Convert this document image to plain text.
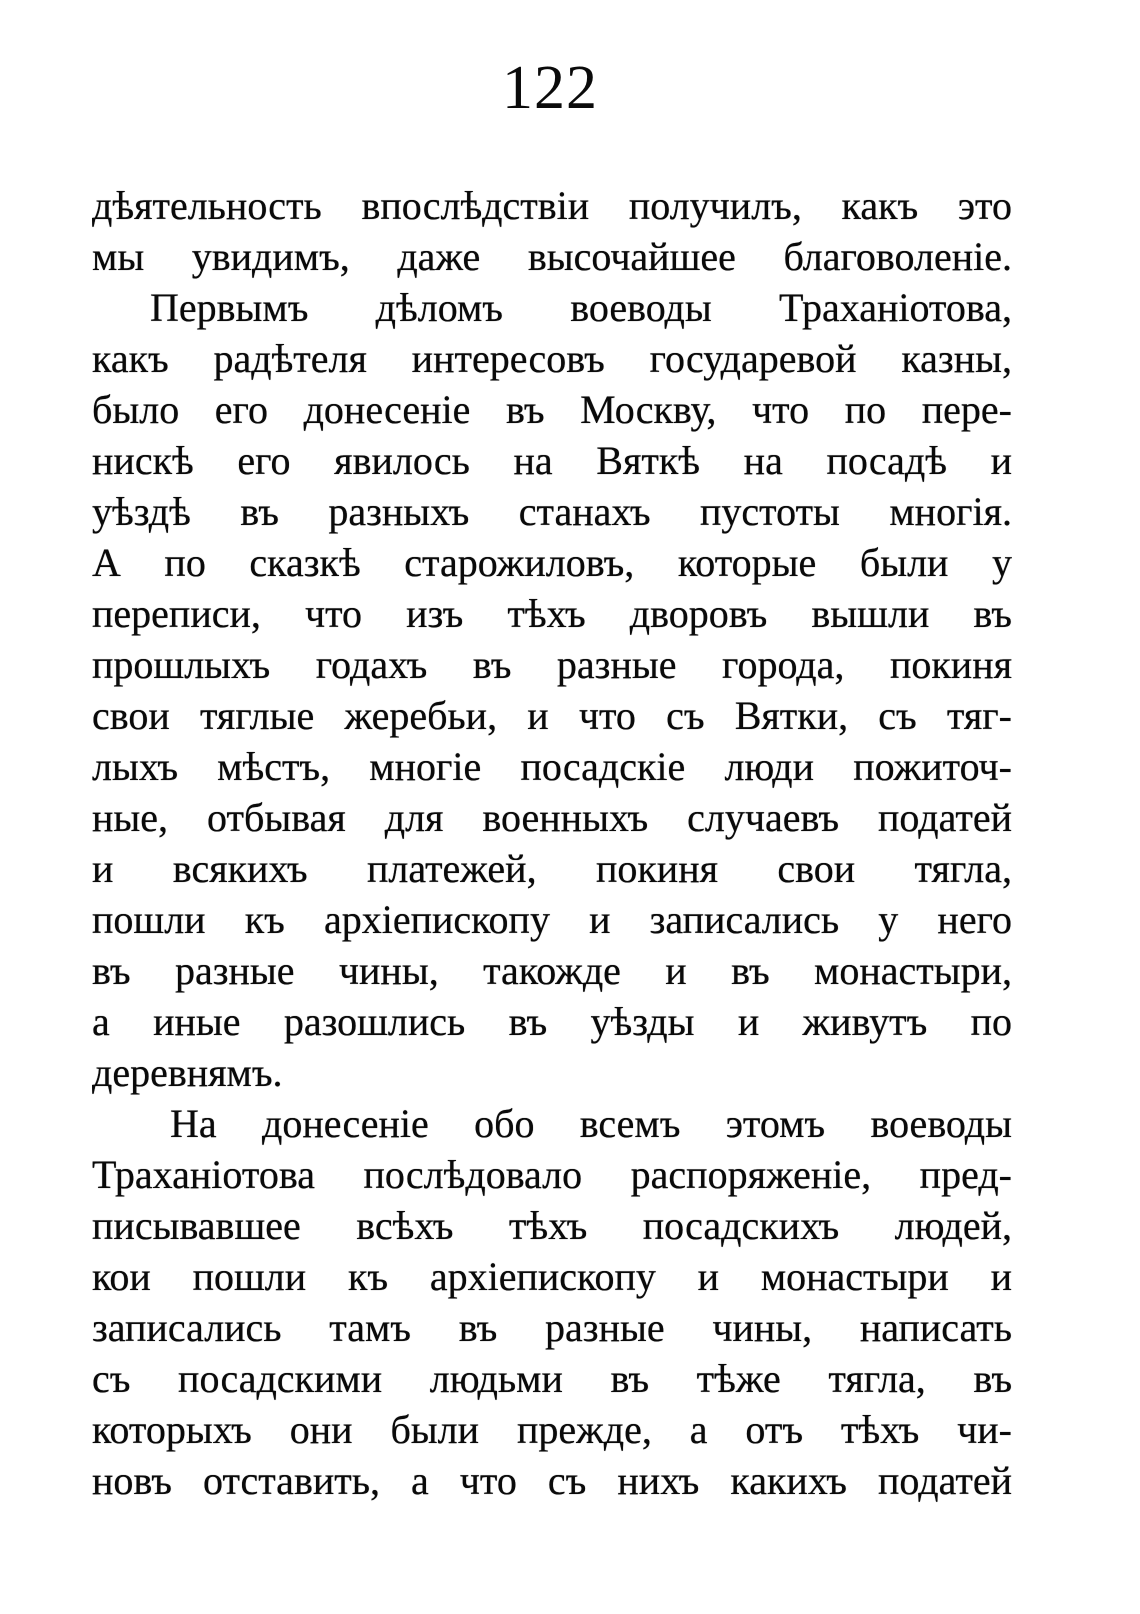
122
дѣятельность впослѣдствіи получилъ, какъ это
мы увидимъ, даже высочайшее благоволеніе.
Первымъ дѣломъ воеводы Траханіотова,
какъ радѣтеля интересовъ государевой казны,
было его донесеніе въ Москву, что по пере-
нискѣ его явилось на Вяткѣ на посадѣ и
уѣздѣ въ разныхъ станахъ пустоты многія.
А по сказкѣ старожиловъ, которые были у
переписи, что изъ тѣхъ дворовъ вышли въ
прошлыхъ годахъ въ разные города, покиня
свои тяглые жеребьи, и что съ Вятки, съ тяг-
лыхъ мѣстъ, многіе посадскіе люди пожиточ-
ные, отбывая для военныхъ случаевъ податей
и всякихъ платежей, покиня свои тягла,
пошли къ архіепископу и записались у него
въ разные чины, такожде и въ монастыри,
а иные разошлись въ уѣзды и живутъ по
деревнямъ.
На донесеніе обо всемъ этомъ воеводы
Траханіотова послѣдовало распоряженіе, пред-
писывавшее всѣхъ тѣхъ посадскихъ людей,
кои пошли къ архіепископу и монастыри и
записались тамъ въ разные чины, написать
съ посадскими людьми въ тѣже тягла, въ
которыхъ они были прежде, а отъ тѣхъ чи-
новъ отставить, а что съ нихъ какихъ податей
